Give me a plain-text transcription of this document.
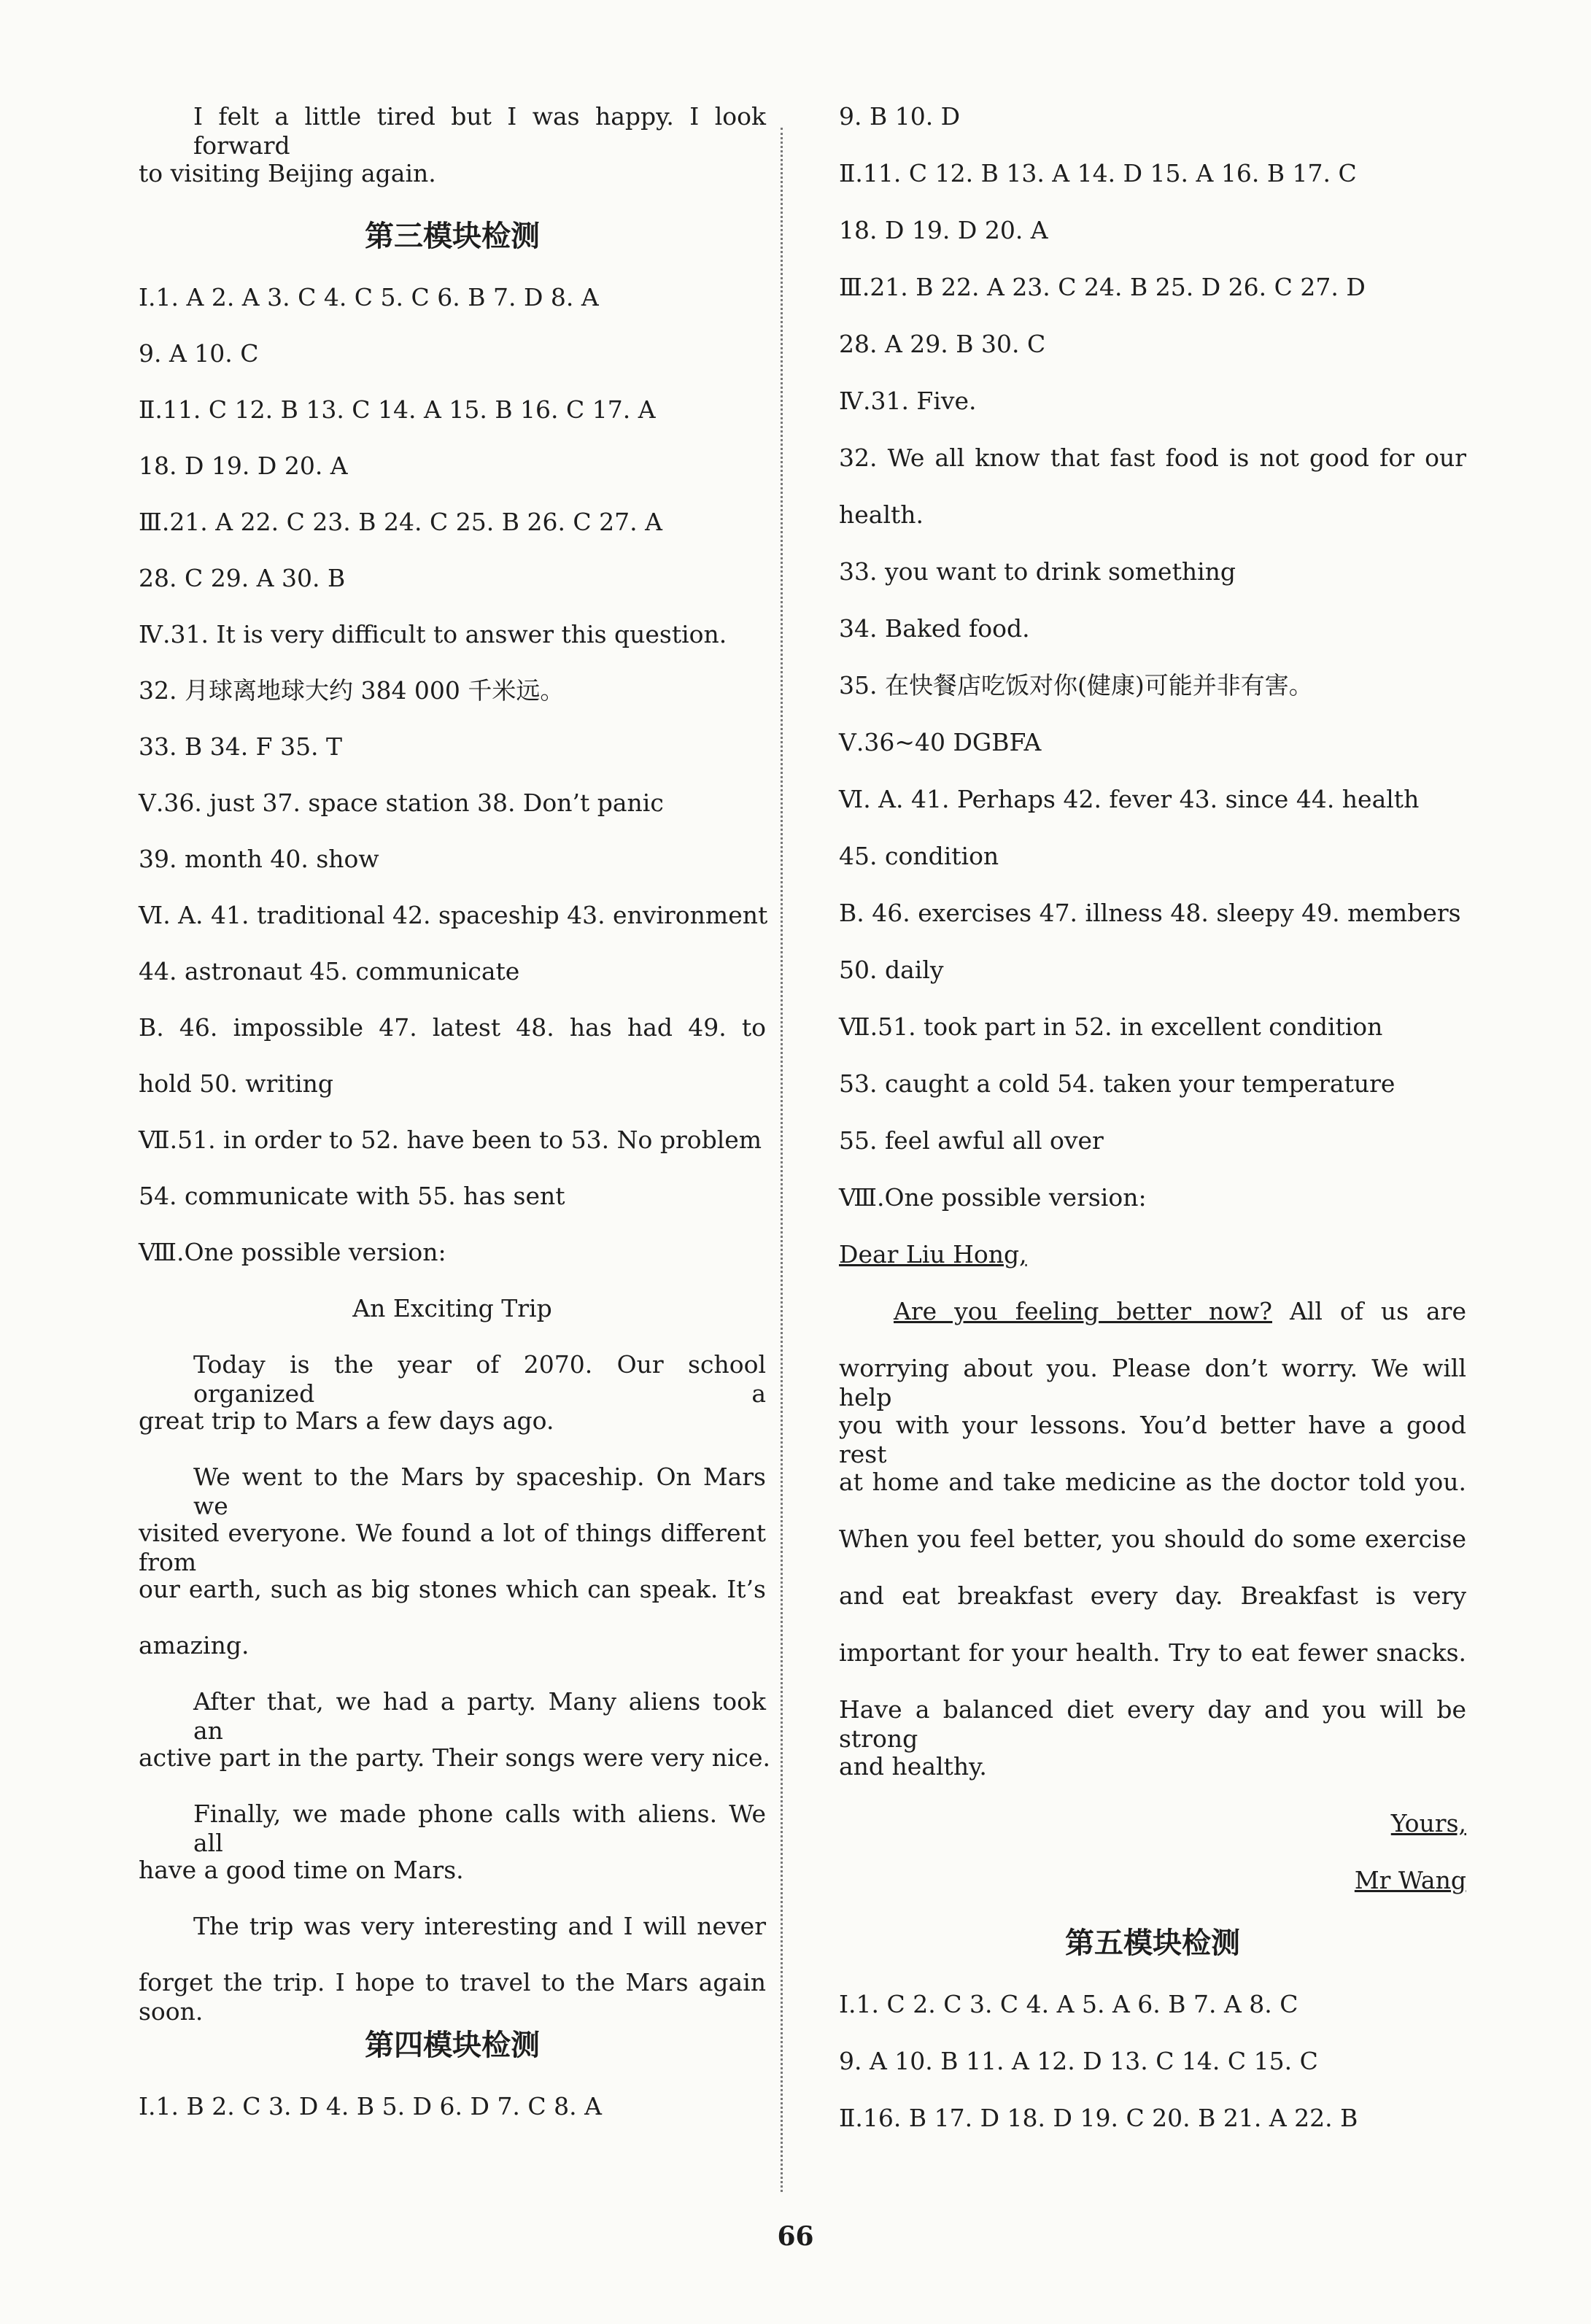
I felt a little tired but I was happy. I look forward
to visiting Beijing again.
第三模块检测
Ⅰ.1. A 2. A 3. C 4. C 5. C 6. B 7. D 8. A
9. A 10. C
Ⅱ.11. C 12. B 13. C 14. A 15. B 16. C 17. A
18. D 19. D 20. A
Ⅲ.21. A 22. C 23. B 24. C 25. B 26. C 27. A
28. C 29. A 30. B
Ⅳ.31. It is very difficult to answer this question.
32. 月球离地球大约 384 000 千米远。
33. B 34. F 35. T
Ⅴ.36. just 37. space station 38. Don’t panic
39. month 40. show
Ⅵ. A. 41. traditional 42. spaceship 43. environment
44. astronaut 45. communicate
B. 46. impossible 47. latest 48. has had 49. to
hold 50. writing
Ⅶ.51. in order to 52. have been to 53. No problem
54. communicate with 55. has sent
Ⅷ.One possible version:
An Exciting Trip
Today is the year of 2070. Our school organized a
great trip to Mars a few days ago.
We went to the Mars by spaceship. On Mars we
visited everyone. We found a lot of things different from
our earth, such as big stones which can speak. It’s
amazing.
After that, we had a party. Many aliens took an
active part in the party. Their songs were very nice.
Finally, we made phone calls with aliens. We all
have a good time on Mars.
The trip was very interesting and I will never
forget the trip. I hope to travel to the Mars again soon.
第四模块检测
Ⅰ.1. B 2. C 3. D 4. B 5. D 6. D 7. C 8. A
9. B 10. D
Ⅱ.11. C 12. B 13. A 14. D 15. A 16. B 17. C
18. D 19. D 20. A
Ⅲ.21. B 22. A 23. C 24. B 25. D 26. C 27. D
28. A 29. B 30. C
Ⅳ.31. Five.
32. We all know that fast food is not good for our
health.
33. you want to drink something
34. Baked food.
35. 在快餐店吃饭对你(健康)可能并非有害。
Ⅴ.36~40 DGBFA
Ⅵ. A. 41. Perhaps 42. fever 43. since 44. health
45. condition
B. 46. exercises 47. illness 48. sleepy 49. members
50. daily
Ⅶ.51. took part in 52. in excellent condition
53. caught a cold 54. taken your temperature
55. feel awful all over
Ⅷ.One possible version:
Dear Liu Hong,
Are you feeling better now? All of us are
worrying about you. Please don’t worry. We will help
you with your lessons. You’d better have a good rest
at home and take medicine as the doctor told you.
When you feel better, you should do some exercise
and eat breakfast every day. Breakfast is very
important for your health. Try to eat fewer snacks.
Have a balanced diet every day and you will be strong
and healthy.
Yours,
Mr Wang
第五模块检测
Ⅰ.1. C 2. C 3. C 4. A 5. A 6. B 7. A 8. C
9. A 10. B 11. A 12. D 13. C 14. C 15. C
Ⅱ.16. B 17. D 18. D 19. C 20. B 21. A 22. B
66
